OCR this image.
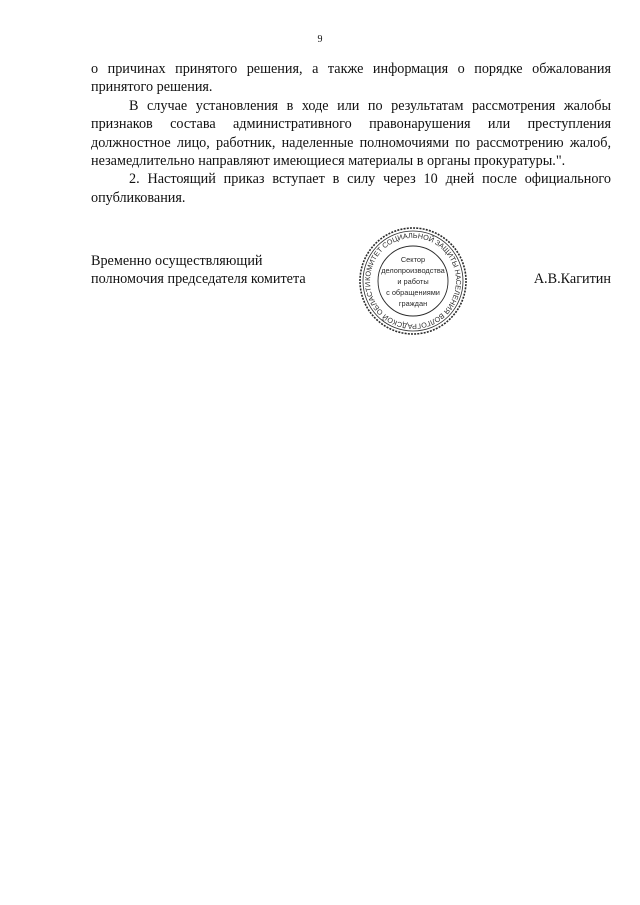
9

о причинах принятого решения, а также информация о порядке обжалования принятого решения.

В случае установления в ходе или по результатам рассмотрения жалобы признаков состава административного правонарушения или преступления должностное лицо, работник, наделенные полномочиями по рассмотрению жалоб, незамедлительно направляют имеющиеся материалы в органы прокуратуры.".

2. Настоящий приказ вступает в силу через 10 дней после официального опубликования.

Временно осуществляющий
полномочия председателя комитета	КОМИТЕТ СОЦИАЛЬНОЙ ЗАЩИТЫ НАСЕЛЕНИЯ ВОЛГОГРАДСКОЙ ОБЛАСТИ
Сектор
делопроизводства
и работы
с обращениями
граждан
А.В.Кагитин
